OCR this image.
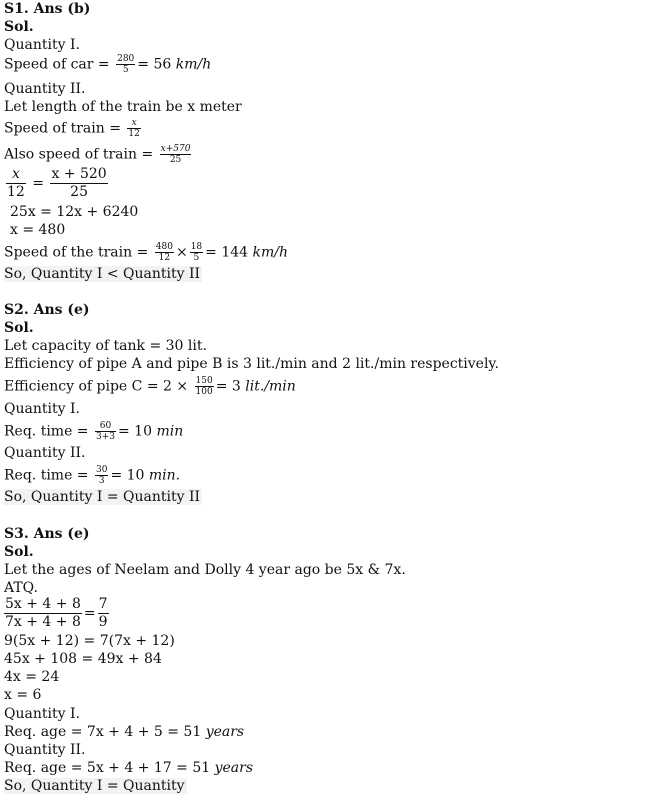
S1. Ans (b)
Sol.
Quantity I.
Speed of car = $\frac{280}{5} = 56$ km/h
Quantity II.
Let length of the train be x meter
Speed of train = $\frac{x}{12}$
Also speed of train = $\frac{x+570}{25}$
$\frac{x}{12} = \frac{x + 520}{25}$
25x = 12x + 6240
x = 480
Speed of the train = $\frac{480}{12} \times \frac{18}{5} = 144$ km/h
So, Quantity I < Quantity II
S2. Ans (e)
Sol.
Let capacity of tank = 30 lit.
Efficiency of pipe A and pipe B is 3 lit./min and 2 lit./min respectively.
Efficiency of pipe $C = 2 \times \frac{150}{100} = 3$ lit./min
Quantity I.
Req. time = $\frac{60}{3+3} = 10$ min
Quantity II.
Req. time = $\frac{30}{3} = 10$ min.
So, Quantity I = Quantity II
S3. Ans (e)
Sol.
Let the ages of Neelam and Dolly 4 year ago be 5x & 7x.
ATQ.
$\frac{5x + 4 + 8}{7x + 4 + 8} = \frac{7}{9}$
9(5x + 12) = 7(7x + 12)
45x + 108 = 49x + 84
4x = 24
x = 6
Quantity I.
Req. age = 7x + 4 + 5 = 51 years
Quantity II.
Req. age = 5x + 4 + 17 = 51 years
So, Quantity I = Quantity
